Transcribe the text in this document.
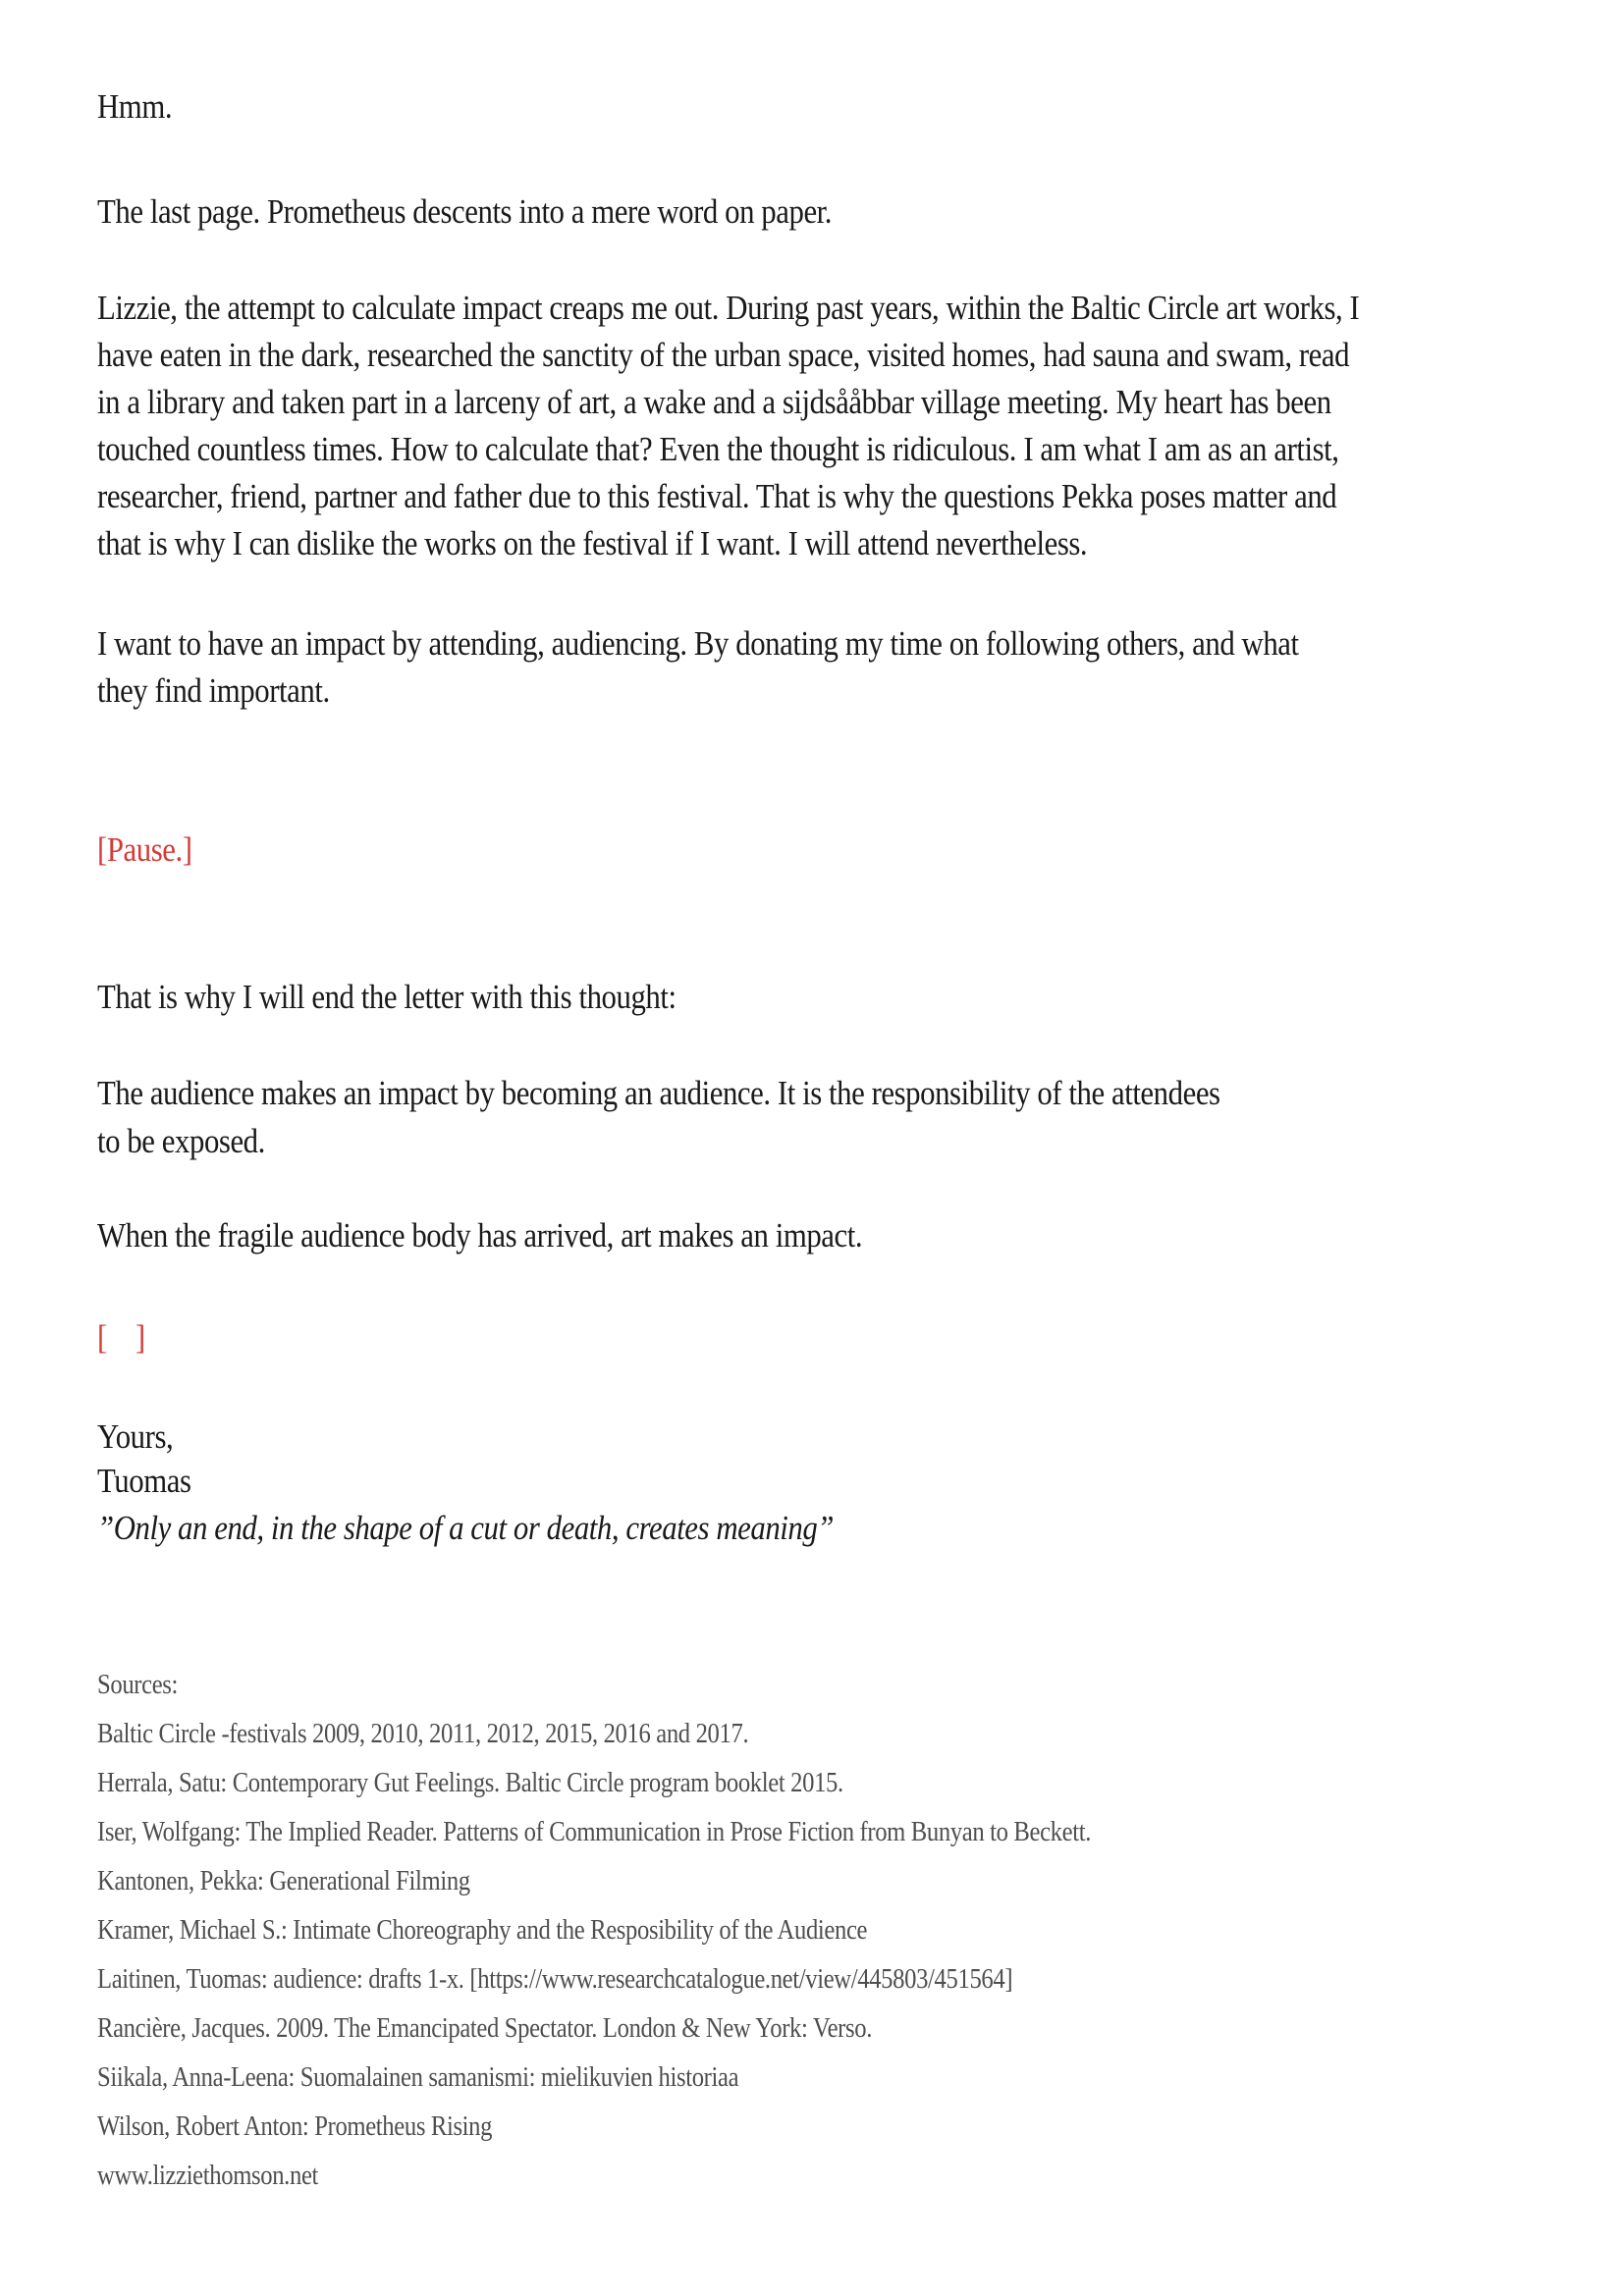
Hmm.
The last page. Prometheus descents into a mere word on paper.
Lizzie, the attempt to calculate impact creaps me out. During past years, within the Baltic Circle art works, I
have eaten in the dark, researched the sanctity of the urban space, visited homes, had sauna and swam, read
in a library and taken part in a larceny of art, a wake and a sijdsååbbar village meeting. My heart has been
touched countless times. How to calculate that? Even the thought is ridiculous. I am what I am as an artist,
researcher, friend, partner and father due to this festival. That is why the questions Pekka poses matter and
that is why I can dislike the works on the festival if I want. I will attend nevertheless.
I want to have an impact by attending, audiencing. By donating my time on following others, and what
they find important.
[Pause.]
That is why I will end the letter with this thought:
The audience makes an impact by becoming an audience. It is the responsibility of the attendees
to be exposed.
When the fragile audience body has arrived, art makes an impact.
[    ]
Yours,
Tuomas
”Only an end, in the shape of a cut or death, creates meaning”
Sources:
Baltic Circle -festivals 2009, 2010, 2011, 2012, 2015, 2016 and 2017.
Herrala, Satu: Contemporary Gut Feelings. Baltic Circle program booklet 2015.
Iser, Wolfgang: The Implied Reader. Patterns of Communication in Prose Fiction from Bunyan to Beckett.
Kantonen, Pekka: Generational Filming
Kramer, Michael S.: Intimate Choreography and the Resposibility of the Audience
Laitinen, Tuomas: audience: drafts 1-x. [https://www.researchcatalogue.net/view/445803/451564]
Rancière, Jacques. 2009. The Emancipated Spectator. London & New York: Verso.
Siikala, Anna-Leena: Suomalainen samanismi: mielikuvien historiaa
Wilson, Robert Anton: Prometheus Rising
www.lizziethomson.net
